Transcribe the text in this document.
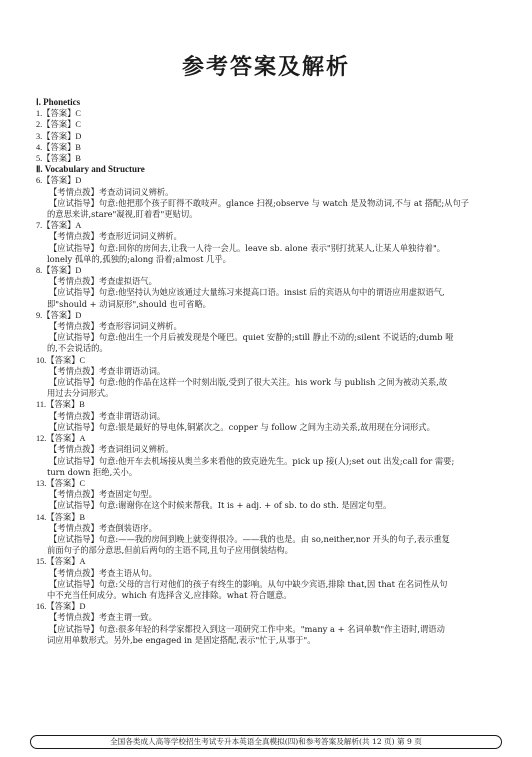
参考答案及解析
Ⅰ. Phonetics
1.【答案】C
2.【答案】C
3.【答案】D
4.【答案】B
5.【答案】B
Ⅱ. Vocabulary and Structure
6.【答案】D
【考情点拨】考查动词词义辨析。
【应试指导】句意:他把那个孩子盯得不敢吱声。glance 扫视;observe 与 watch 是及物动词,不与 at 搭配;从句子
的意思来讲,stare"凝视,盯着看"更贴切。
7.【答案】A
【考情点拨】考查形近词词义辨析。
【应试指导】句意:回你的房间去,让我一人待一会儿。leave sb. alone 表示"别打扰某人,让某人单独待着"。
lonely 孤单的,孤独的;along 沿着;almost 几乎。
8.【答案】D
【考情点拨】考查虚拟语气。
【应试指导】句意:他坚持认为她应该通过大量练习来提高口语。insist 后的宾语从句中的谓语应用虚拟语气,
即"should + 动词原形",should 也可省略。
9.【答案】D
【考情点拨】考查形容词词义辨析。
【应试指导】句意:他出生一个月后被发现是个哑巴。quiet 安静的;still 静止不动的;silent 不说话的;dumb 哑
的,不会说话的。
10.【答案】C
【考情点拨】考查非谓语动词。
【应试指导】句意:他的作品在这样一个时刻出版,受到了很大关注。his work 与 publish 之间为被动关系,故
用过去分词形式。
11.【答案】B
【考情点拨】考查非谓语动词。
【应试指导】句意:银是最好的导电体,铜紧次之。copper 与 follow 之间为主动关系,故用现在分词形式。
12.【答案】A
【考情点拨】考查词组词义辨析。
【应试指导】句意:他开车去机场接从奥兰多来看他的致克逊先生。pick up 接(人);set out 出发;call for 需要;
turn down 拒绝,关小。
13.【答案】C
【考情点拨】考查固定句型。
【应试指导】句意:谢谢你在这个时候来帮我。It is + adj. + of sb. to do sth. 是固定句型。
14.【答案】B
【考情点拨】考查倒装语序。
【应试指导】句意:——我的房间到晚上就变得很冷。——我的也是。由 so,neither,nor 开头的句子,表示重复
前面句子的部分意思,但前后两句的主语不同,且句子应用倒装结构。
15.【答案】A
【考情点拨】考查主语从句。
【应试指导】句意:父母的言行对他们的孩子有终生的影响。从句中缺少宾语,排除 that,因 that 在名词性从句
中不充当任何成分。which 有选择含义,应排除。what 符合题意。
16.【答案】D
【考情点拨】考查主谓一致。
【应试指导】句意:很多年轻的科学家都投入到这一项研究工作中来。"many a + 名词单数"作主语时,谓语动
词应用单数形式。另外,be engaged in 是固定搭配,表示"忙于,从事于"。
全国各类成人高等学校招生考试专升本英语全真模拟(四)和参考答案及解析(共 12 页) 第 9 页
